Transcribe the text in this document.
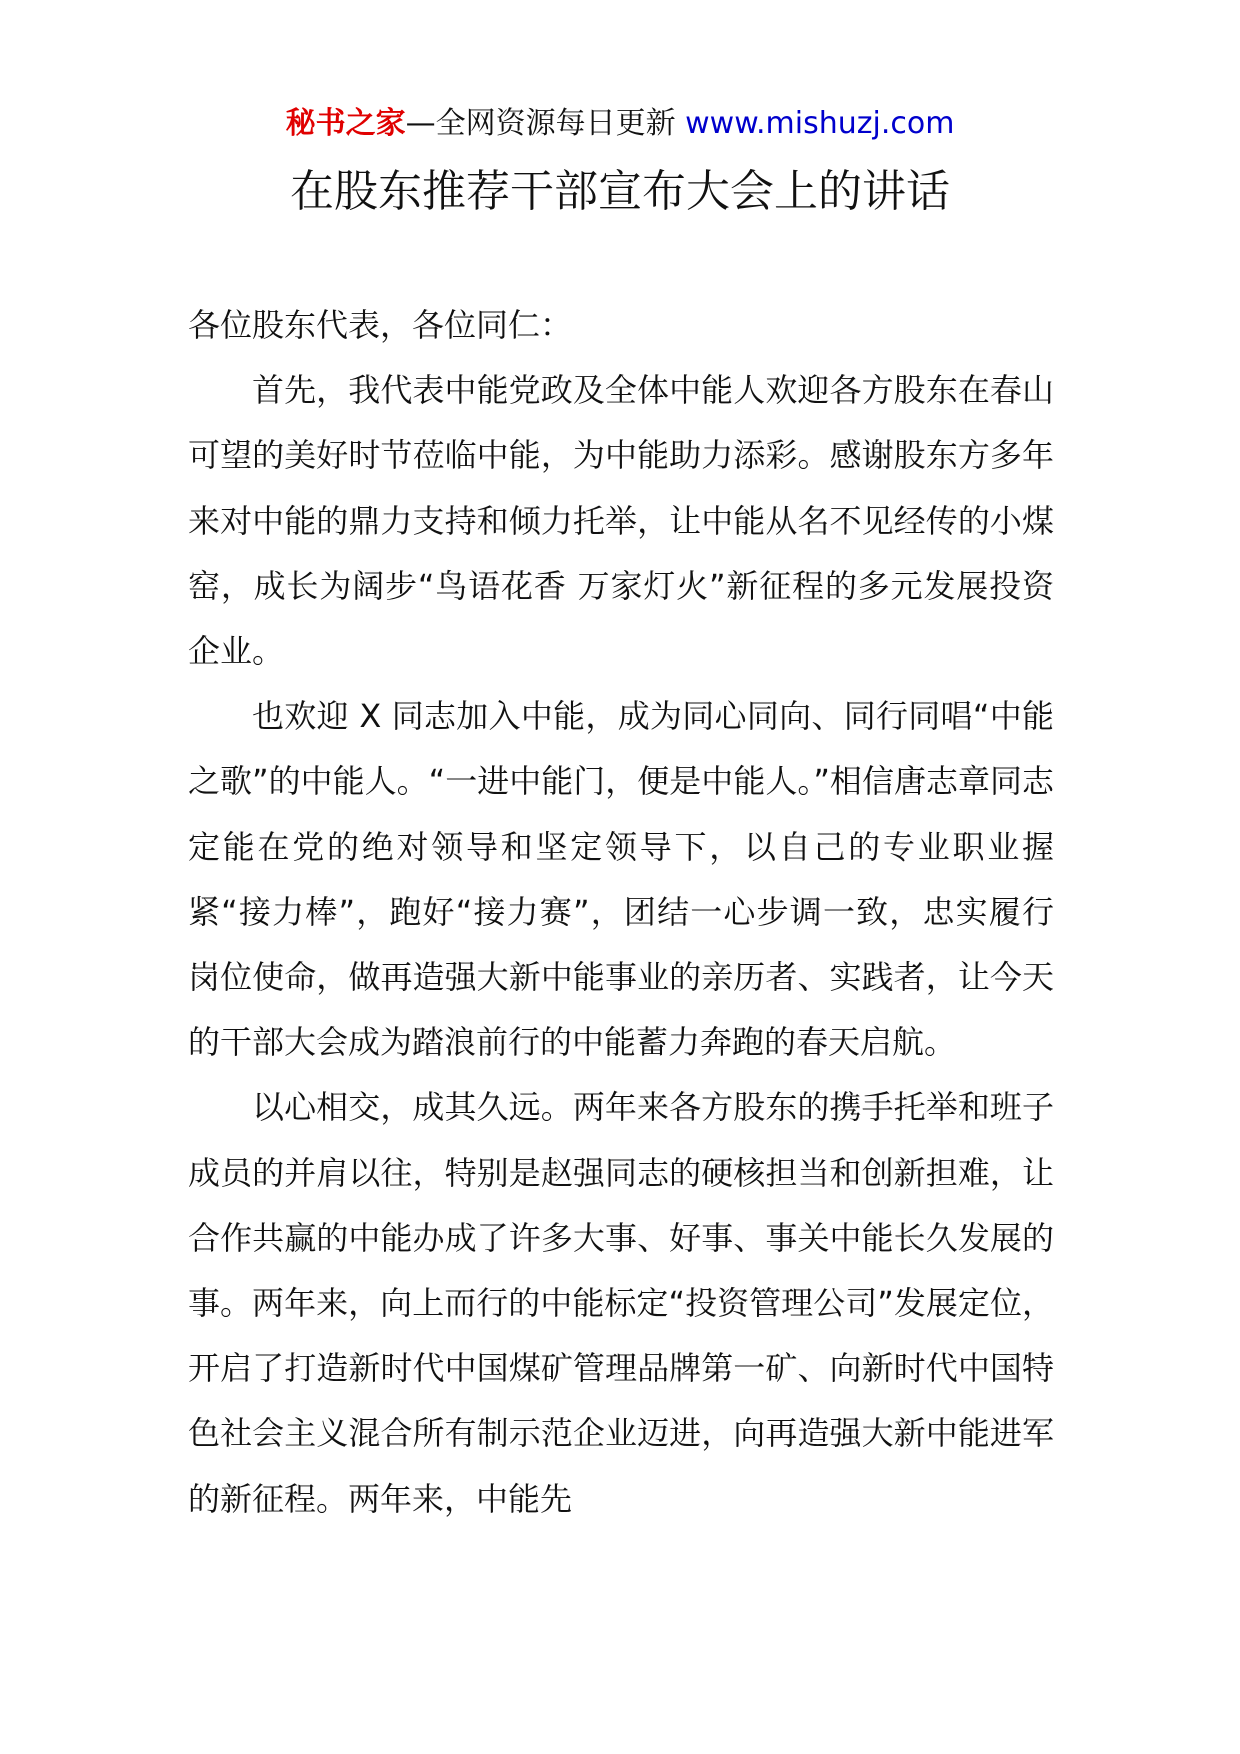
秘书之家—全网资源每日更新 www.mishuzj.com
在股东推荐干部宣布大会上的讲话

各位股东代表，各位同仁：

首先，我代表中能党政及全体中能人欢迎各方股东在春山可望的美好时节莅临中能，为中能助力添彩。感谢股东方多年来对中能的鼎力支持和倾力托举，让中能从名不见经传的小煤窑，成长为阔步“鸟语花香 万家灯火”新征程的多元发展投资企业。

也欢迎 X 同志加入中能，成为同心同向、同行同唱“中能之歌”的中能人。“一进中能门，便是中能人。”相信唐志章同志定能在党的绝对领导和坚定领导下，以自己的专业职业握紧“接力棒”，跑好“接力赛”，团结一心步调一致，忠实履行岗位使命，做再造强大新中能事业的亲历者、实践者，让今天的干部大会成为踏浪前行的中能蓄力奔跑的春天启航。

以心相交，成其久远。两年来各方股东的携手托举和班子成员的并肩以往，特别是赵强同志的硬核担当和创新担难，让合作共赢的中能办成了许多大事、好事、事关中能长久发展的事。两年来，向上而行的中能标定“投资管理公司”发展定位，开启了打造新时代中国煤矿管理品牌第一矿、向新时代中国特色社会主义混合所有制示范企业迈进，向再造强大新中能进军的新征程。两年来，中能先
